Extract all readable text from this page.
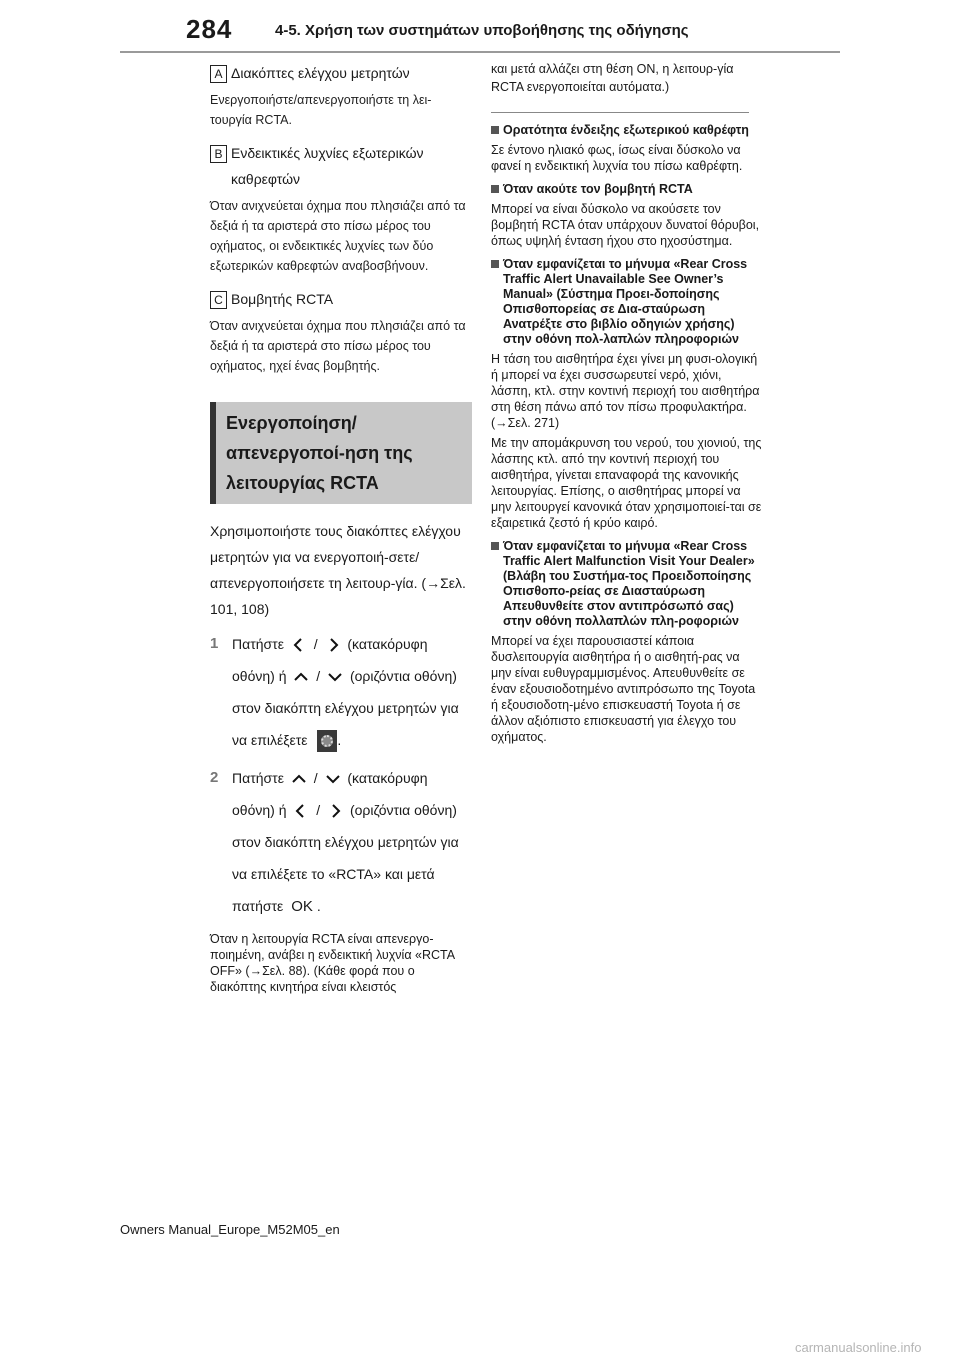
284	4-5. Χρήση των συστημάτων υποβοήθησης της οδήγησης
A Διακόπτες ελέγχου μετρητών
Ενεργοποιήστε/απενεργοποιήστε τη λει-τουργία RCTA.
B Ενδεικτικές λυχνίες εξωτερικών καθρεφτών
Όταν ανιχνεύεται όχημα που πλησιάζει από τα δεξιά ή τα αριστερά στο πίσω μέρος του οχήματος, οι ενδεικτικές λυχνίες των δύο εξωτερικών καθρεφτών αναβοσβήνουν.
C Βομβητής RCTA
Όταν ανιχνεύεται όχημα που πλησιάζει από τα δεξιά ή τα αριστερά στο πίσω μέρος του οχήματος, ηχεί ένας βομβητής.
Ενεργοποίηση/απενεργοποί-ηση της λειτουργίας RCTA
Χρησιμοποιήστε τους διακόπτες ελέγχου μετρητών για να ενεργοποιή-σετε/απενεργοποιήσετε τη λειτουρ-γία. (→Σελ. 101, 108)
1 Πατήστε / (κατακόρυφη οθόνη) ή / (οριζόντια οθόνη) στον διακόπτη ελέγχου μετρητών για να επιλέξετε .
2 Πατήστε / (κατακόρυφη οθόνη) ή / (οριζόντια οθόνη) στον διακόπτη ελέγχου μετρητών για να επιλέξετε το «RCTA» και μετά πατήστε OK .
Όταν η λειτουργία RCTA είναι απενεργο-ποιημένη, ανάβει η ενδεικτική λυχνία «RCTA OFF» (→Σελ. 88). (Κάθε φορά που ο διακόπτης κινητήρα είναι κλειστός
και μετά αλλάζει στη θέση ON, η λειτουρ-γία RCTA ενεργοποιείται αυτόματα.)
Ορατότητα ένδειξης εξωτερικού καθρέφτη
Σε έντονο ηλιακό φως, ίσως είναι δύσκολο να φανεί η ενδεικτική λυχνία του πίσω καθρέφτη.
Όταν ακούτε τον βομβητή RCTA
Μπορεί να είναι δύσκολο να ακούσετε τον βομβητή RCTA όταν υπάρχουν δυνατοί θόρυβοι, όπως υψηλή ένταση ήχου στο ηχοσύστημα.
Όταν εμφανίζεται το μήνυμα «Rear Cross Traffic Alert Unavailable See Owner’s Manual» (Σύστημα Προει-δοποίησης Οπισθοπορείας σε Δια-σταύρωση Ανατρέξτε στο βιβλίο οδηγιών χρήσης) στην οθόνη πολ-λαπλών πληροφοριών
Η τάση του αισθητήρα έχει γίνει μη φυσι-ολογική ή μπορεί να έχει συσσωρευτεί νερό, χιόνι, λάσπη, κτλ. στην κοντινή περιοχή του αισθητήρα στη θέση πάνω από τον πίσω προφυλακτήρα. (→Σελ. 271)
Με την απομάκρυνση του νερού, του χιονιού, της λάσπης κτλ. από την κοντινή περιοχή του αισθητήρα, γίνεται επαναφορά της κανονικής λειτουργίας. Επίσης, ο αισθητήρας μπορεί να μην λειτουργεί κανονικά όταν χρησιμοποιεί-ται σε εξαιρετικά ζεστό ή κρύο καιρό.
Όταν εμφανίζεται το μήνυμα «Rear Cross Traffic Alert Malfunction Visit Your Dealer» (Βλάβη του Συστήμα-τος Προειδοποίησης Οπισθοπο-ρείας σε Διασταύρωση Απευθυνθείτε στον αντιπρόσωπό σας) στην οθόνη πολλαπλών πλη-ροφοριών
Μπορεί να έχει παρουσιαστεί κάποια δυσλειτουργία αισθητήρα ή ο αισθητή-ρας να μην είναι ευθυγραμμισμένος. Απευθυνθείτε σε έναν εξουσιοδοτημένο αντιπρόσωπο της Toyota ή εξουσιοδοτη-μένο επισκευαστή Toyota ή σε άλλον αξιόπιστο επισκευαστή για έλεγχο του οχήματος.
Owners Manual_Europe_M52M05_en
carmanualsonline.info
